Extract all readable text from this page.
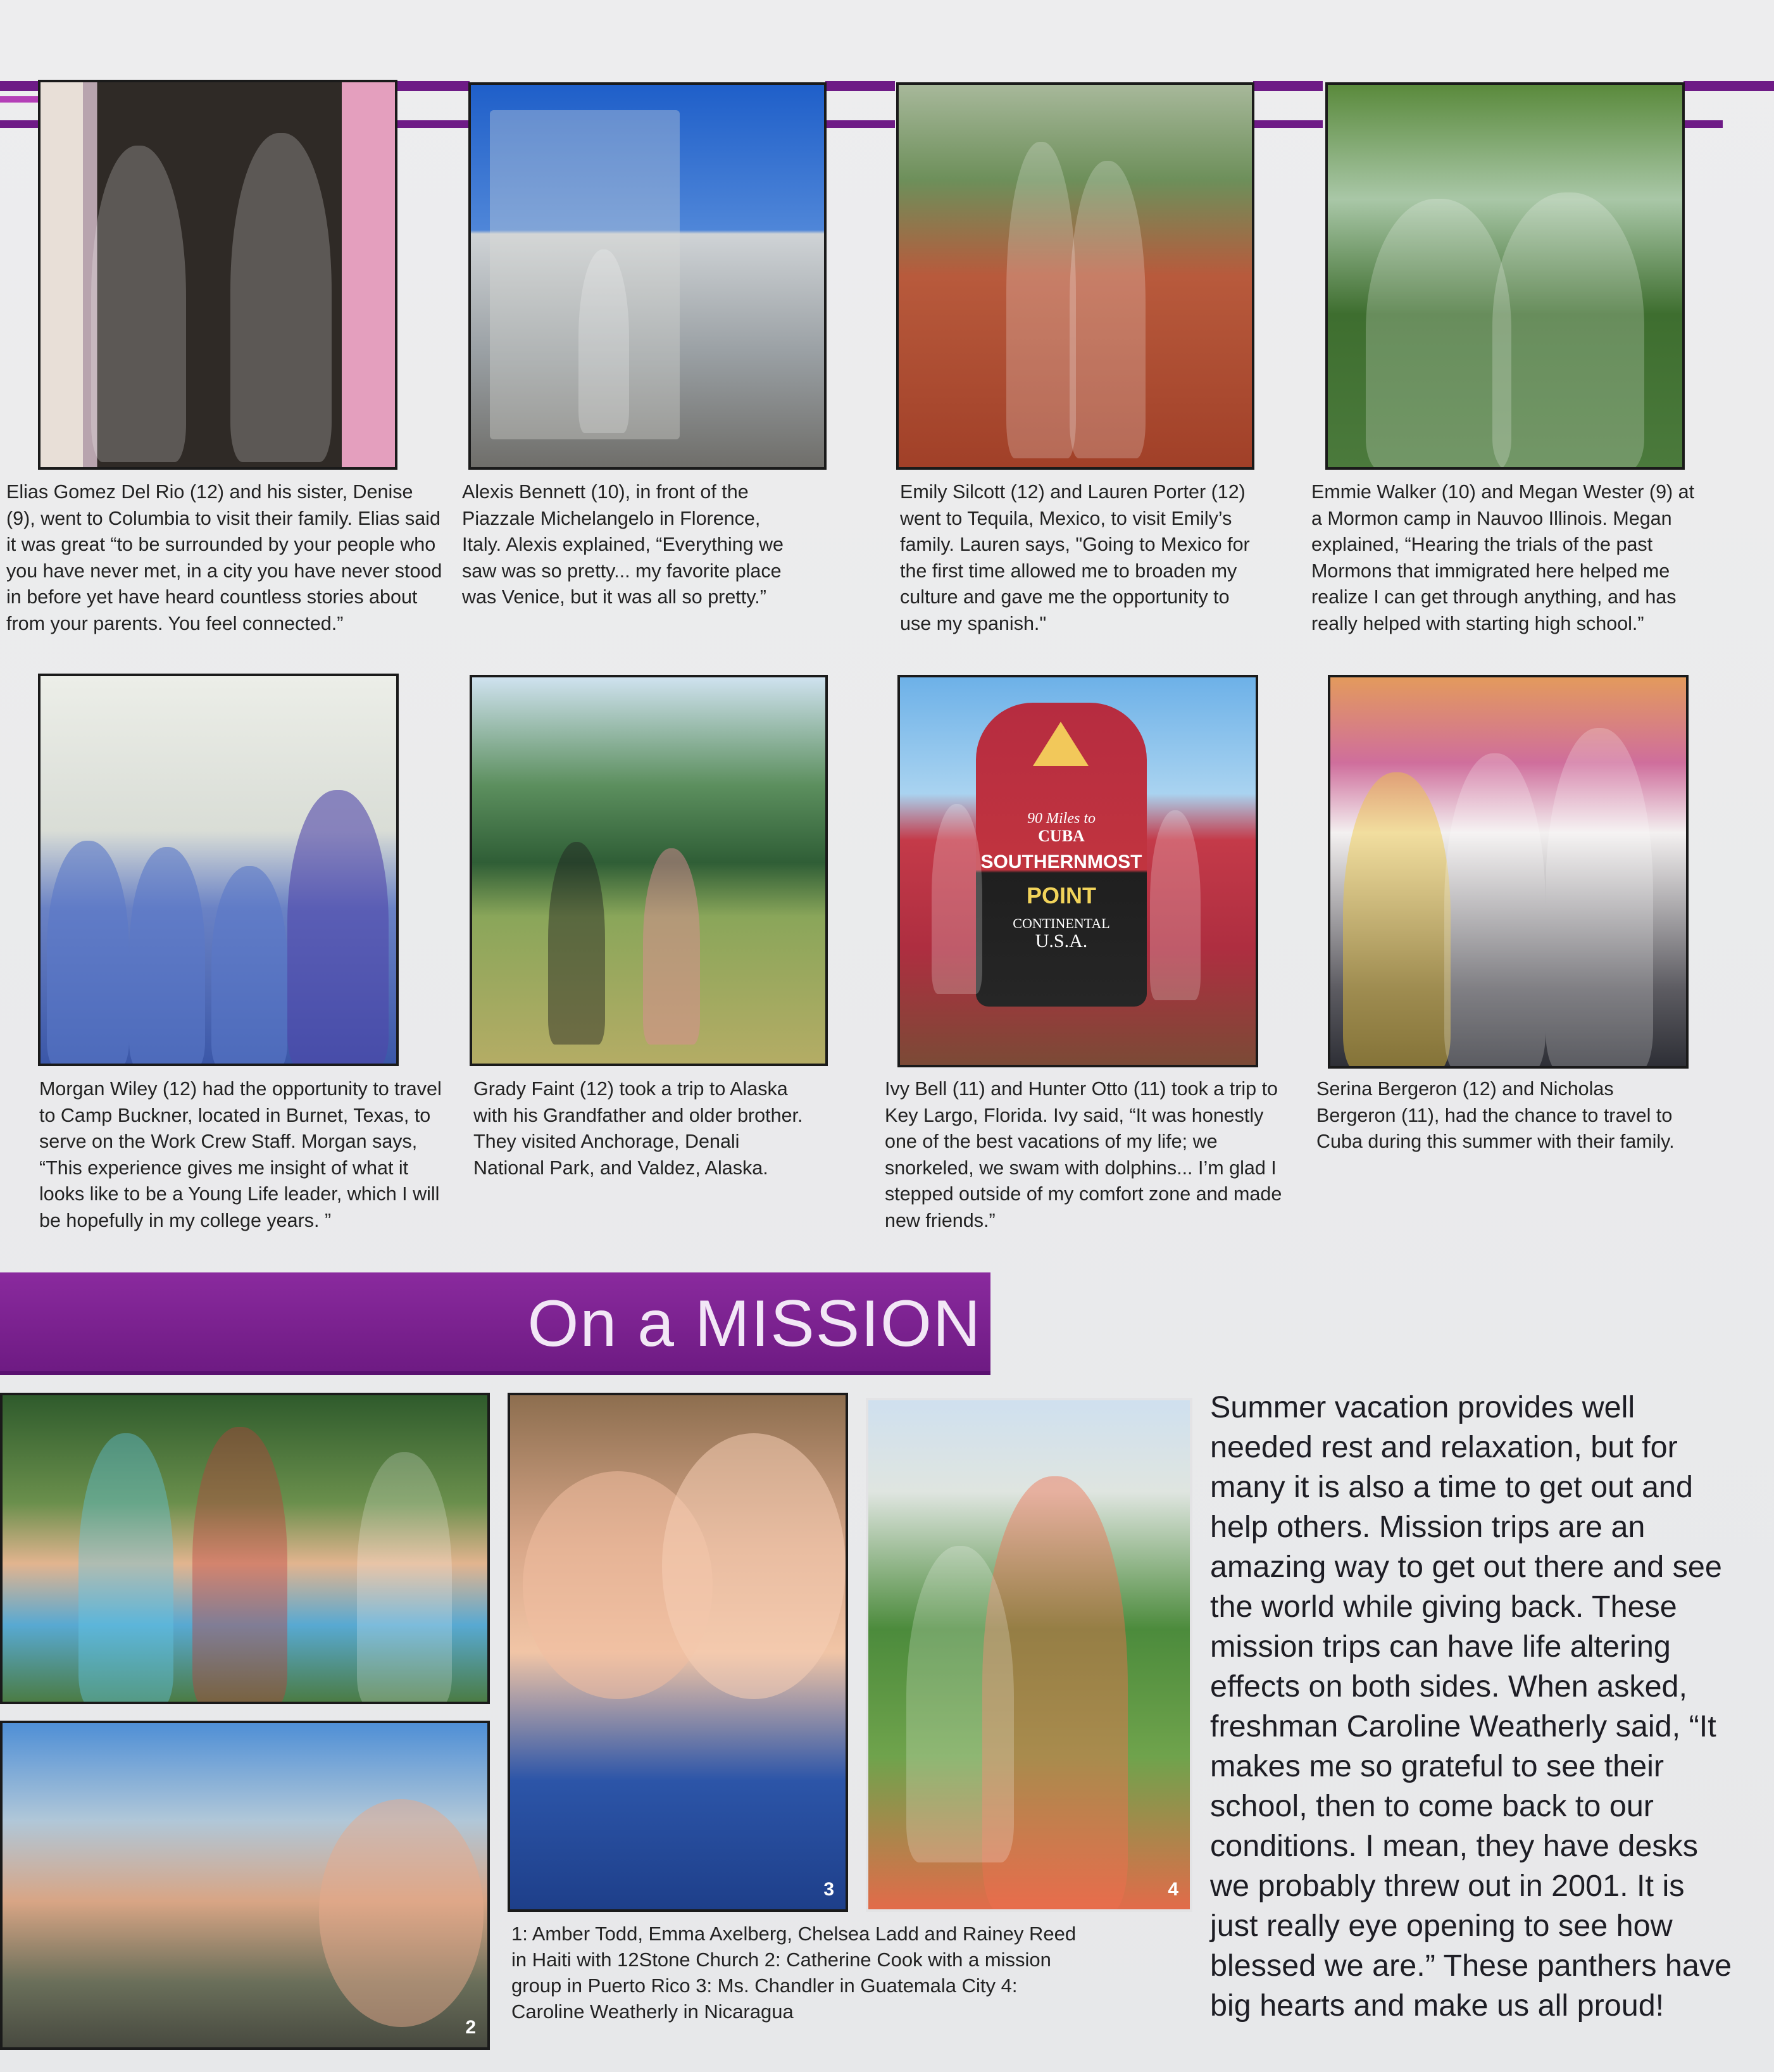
Elias Gomez Del Rio (12) and his sister, Denise (9), went to Columbia to visit their family. Elias said it was great “to be surrounded by your people who you have never met, in a city you have never stood in before yet have heard countless stories about from your parents. You feel connected.”
Alexis Bennett (10), in front of the Piazzale Michelangelo in Florence, Italy. Alexis explained, “Everything we saw was so pretty... my favorite place was Venice, but it was all so pretty.”
Emily Silcott (12) and Lauren Porter (12) went to Tequila, Mexico, to visit Emily’s family. Lauren says, "Going to Mexico for the first time allowed me to broaden my culture and gave me the opportunity to use my spanish."
Emmie Walker (10) and Megan Wester (9) at a Mormon camp in Nauvoo Illinois. Megan explained, “Hearing the trials of the past Mormons that immigrated here helped me realize I can get through anything, and has really helped with starting high school.”
90 Miles to
CUBA
SOUTHERNMOST
POINT
CONTINENTAL
U.S.A.
Morgan Wiley (12) had the opportunity to travel to Camp Buckner, located in Burnet, Texas, to serve on the Work Crew Staff. Morgan says, “This experience gives me insight of what it looks like to be a Young Life leader, which I will be hopefully in my college years. ”
Grady Faint (12) took a trip to Alaska with his Grandfather and older brother. They visited Anchorage, Denali National Park, and Valdez, Alaska.
Ivy Bell (11) and Hunter Otto (11) took a trip to Key Largo, Florida. Ivy said, “It was honestly one of the best vacations of my life; we snorkeled, we swam with dolphins... I’m glad I stepped outside of my comfort zone and made new friends.”
Serina Bergeron (12) and Nicholas Bergeron (11), had the chance to travel to Cuba during this summer with their family.
On a MISSION
2
3	4
1: Amber Todd, Emma Axelberg, Chelsea Ladd and Rainey Reed in Haiti with 12Stone Church 2: Catherine Cook with a mission group in Puerto Rico 3: Ms. Chandler in Guatemala City 4: Caroline Weatherly in Nicaragua
Summer vacation provides well needed rest and relaxation, but for many it is also a time to get out and help others. Mission trips are an amazing way to get out there and see the world while giving back. These mission trips can have life altering effects on both sides. When asked, freshman Caroline Weatherly said, “It makes me so grateful to see their school, then to come back to our conditions. I mean, they have desks we probably threw out in 2001. It is just really eye opening to see how blessed we are.” These panthers have big hearts and make us all proud!
